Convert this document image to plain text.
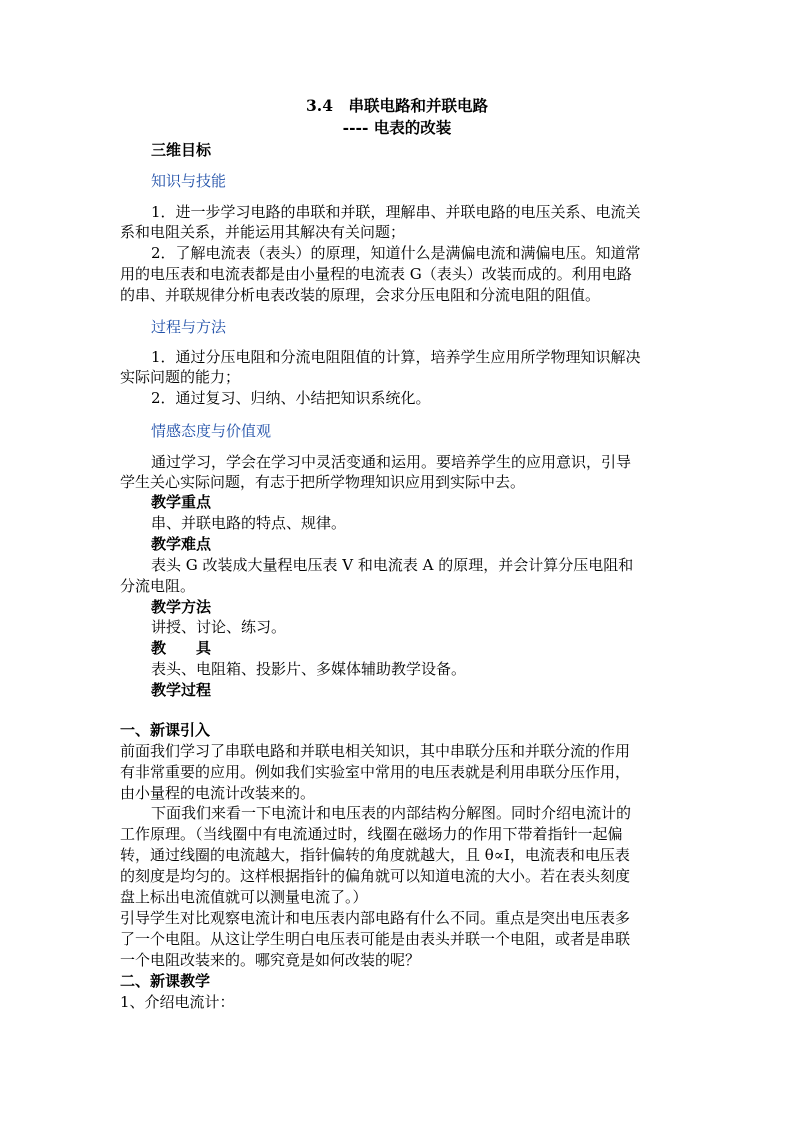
3.4　串联电路和并联电路
---- 电表的改装
三维目标
知识与技能
1．进一步学习电路的串联和并联，理解串、并联电路的电压关系、电流关
系和电阻关系，并能运用其解决有关问题；
2．了解电流表（表头）的原理，知道什么是满偏电流和满偏电压。知道常
用的电压表和电流表都是由小量程的电流表 G（表头）改装而成的。利用电路
的串、并联规律分析电表改装的原理，会求分压电阻和分流电阻的阻值。
过程与方法
1．通过分压电阻和分流电阻阻值的计算，培养学生应用所学物理知识解决
实际问题的能力；
2．通过复习、归纳、小结把知识系统化。
情感态度与价值观
通过学习，学会在学习中灵活变通和运用。要培养学生的应用意识，引导
学生关心实际问题，有志于把所学物理知识应用到实际中去。
教学重点
串、并联电路的特点、规律。
教学难点
表头 G 改装成大量程电压表 V 和电流表 A 的原理，并会计算分压电阻和
分流电阻。
教学方法
讲授、讨论、练习。
教　　具
表头、电阻箱、投影片、多媒体辅助教学设备。
教学过程
一、新课引入
前面我们学习了串联电路和并联电相关知识，其中串联分压和并联分流的作用
有非常重要的应用。例如我们实验室中常用的电压表就是利用串联分压作用，
由小量程的电流计改装来的。
下面我们来看一下电流计和电压表的内部结构分解图。同时介绍电流计的
工作原理。（当线圈中有电流通过时，线圈在磁场力的作用下带着指针一起偏
转，通过线圈的电流越大，指针偏转的角度就越大，且 θ∝I，电流表和电压表
的刻度是均匀的。这样根据指针的偏角就可以知道电流的大小。若在表头刻度
盘上标出电流值就可以测量电流了。）
引导学生对比观察电流计和电压表内部电路有什么不同。重点是突出电压表多
了一个电阻。从这让学生明白电压表可能是由表头并联一个电阻，或者是串联
一个电阻改装来的。哪究竟是如何改装的呢？
二、新课教学
1、介绍电流计：
